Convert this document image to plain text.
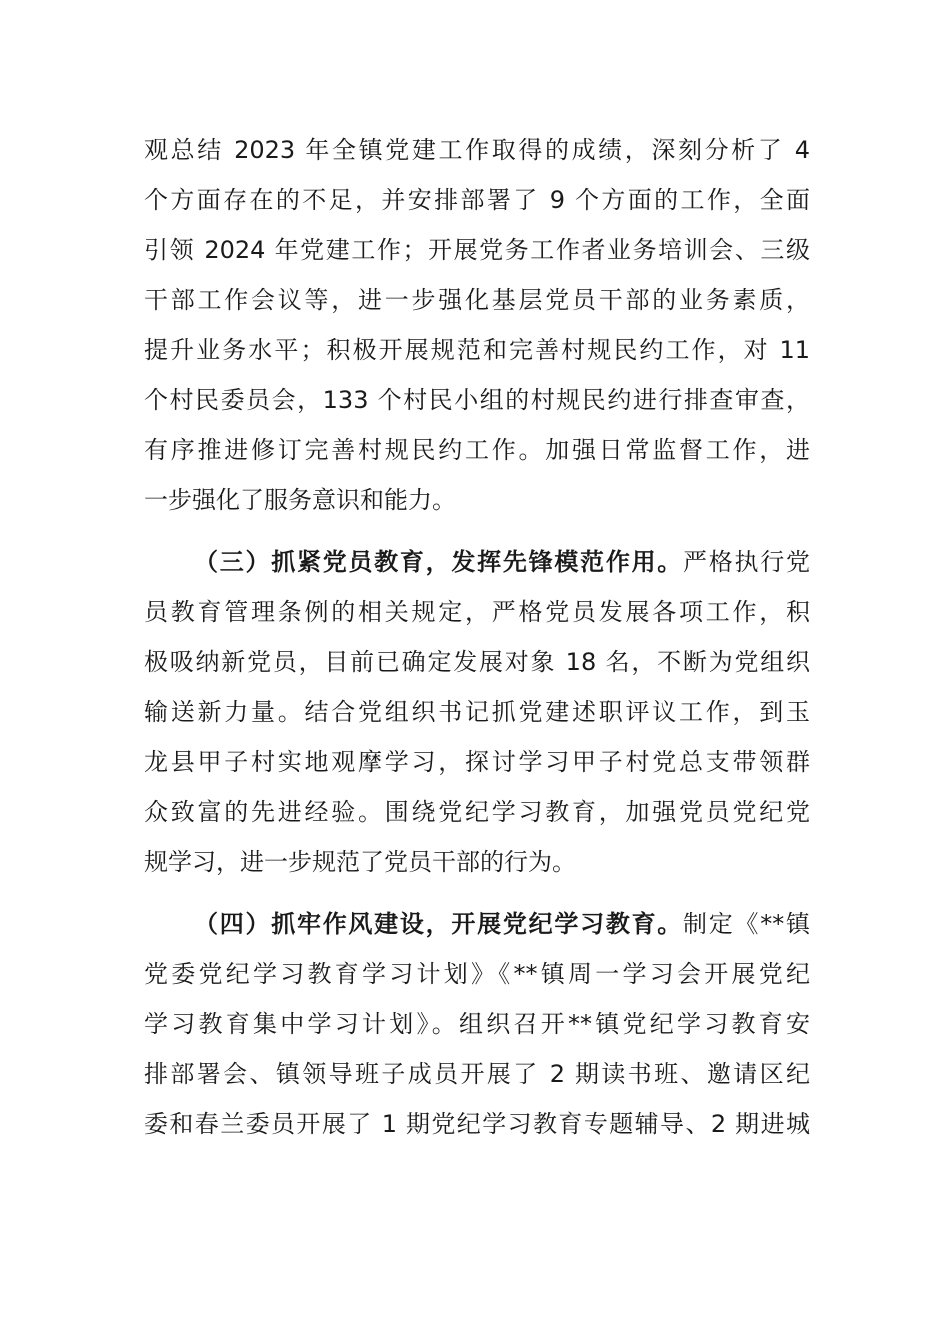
观总结 2023 年全镇党建工作取得的成绩，深刻分析了 4
个方面存在的不足，并安排部署了 9 个方面的工作，全面
引领 2024 年党建工作；开展党务工作者业务培训会、三级
干部工作会议等，进一步强化基层党员干部的业务素质，
提升业务水平；积极开展规范和完善村规民约工作，对 11
个村民委员会，133 个村民小组的村规民约进行排查审查，
有序推进修订完善村规民约工作。加强日常监督工作，进
一步强化了服务意识和能力。
（三）抓紧党员教育，发挥先锋模范作用。严格执行党
员教育管理条例的相关规定，严格党员发展各项工作，积
极吸纳新党员，目前已确定发展对象 18 名，不断为党组织
输送新力量。结合党组织书记抓党建述职评议工作，到玉
龙县甲子村实地观摩学习，探讨学习甲子村党总支带领群
众致富的先进经验。围绕党纪学习教育，加强党员党纪党
规学习，进一步规范了党员干部的行为。
（四）抓牢作风建设，开展党纪学习教育。制定《**镇
党委党纪学习教育学习计划》《**镇周一学习会开展党纪
学习教育集中学习计划》。组织召开**镇党纪学习教育安
排部署会、镇领导班子成员开展了 2 期读书班、邀请区纪
委和春兰委员开展了 1 期党纪学习教育专题辅导、2 期进城
